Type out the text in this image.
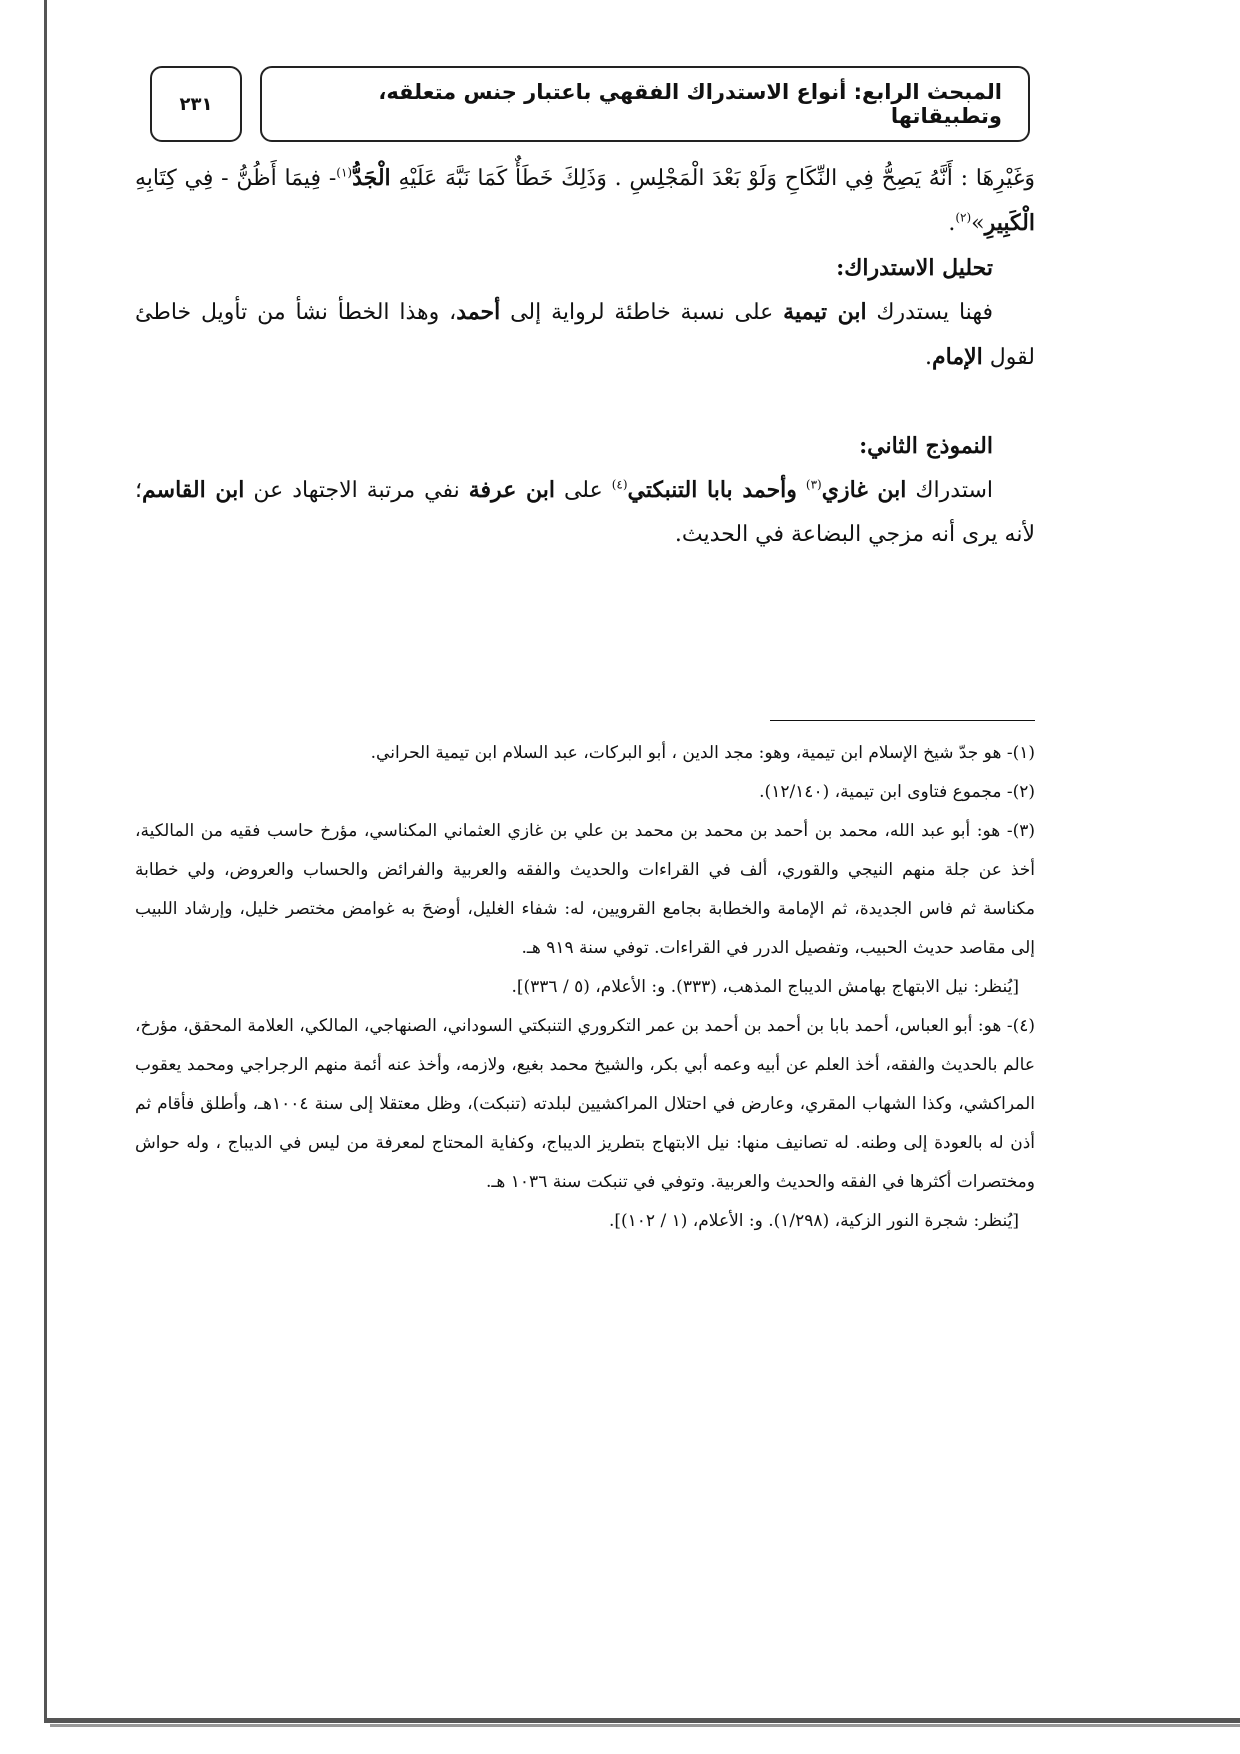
المبحث الرابع: أنواع الاستدراك الفقهي باعتبار جنس متعلقه، وتطبيقاتها
٢٣١

وَغَيْرِهَا : أَنَّهُ يَصِحُّ فِي النِّكَاحِ وَلَوْ بَعْدَ الْمَجْلِسِ . وَذَلِكَ خَطَأٌ كَمَا نَبَّهَ عَلَيْهِ الْجَدُّ$^{(١)}$- فِيمَا أَظُنُّ - فِي كِتَابِهِ الْكَبِيرِ»$^{(٢)}$.

تحليل الاستدراك:

فهنا يستدرك ابن تيمية على نسبة خاطئة لرواية إلى أحمد، وهذا الخطأ نشأ من تأويل خاطئ لقول الإمام.

النموذج الثاني:

استدراك ابن غازي$^{(٣)}$ وأحمد بابا التنبكتي$^{(٤)}$ على ابن عرفة نفي مرتبة الاجتهاد عن ابن القاسم؛ لأنه يرى أنه مزجي البضاعة في الحديث.

(١)- هو جدّ شيخ الإسلام ابن تيمية، وهو: مجد الدين ، أبو البركات، عبد السلام ابن تيمية الحراني.

(٢)- مجموع فتاوى ابن تيمية، (١٢/١٤٠).

(٣)- هو: أبو عبد الله، محمد بن أحمد بن محمد بن محمد بن علي بن غازي العثماني المكناسي، مؤرخ حاسب فقيه من المالكية، أخذ عن جلة منهم النيجي والقوري، ألف في القراءات والحديث والفقه والعربية والفرائض والحساب والعروض، ولي خطابة مكناسة ثم فاس الجديدة، ثم الإمامة والخطابة بجامع القرويين، له: شفاء الغليل، أوضحَ به غوامض مختصر خليل، وإرشاد اللبيب إلى مقاصد حديث الحبيب، وتفصيل الدرر في القراءات. توفي سنة ٩١٩ هـ.

[يُنظر: نيل الابتهاج بهامش الديباج المذهب، (٣٣٣). و: الأعلام، (٥ / ٣٣٦)].

(٤)- هو: أبو العباس، أحمد بابا بن أحمد بن أحمد بن عمر التكروري التنبكتي السوداني، الصنهاجي، المالكي، العلامة المحقق، مؤرخ، عالم بالحديث والفقه، أخذ العلم عن أبيه وعمه أبي بكر، والشيخ محمد بغيع، ولازمه، وأخذ عنه أئمة منهم الرجراجي ومحمد يعقوب المراكشي، وكذا الشهاب المقري، وعارض في احتلال المراكشيين لبلدته (تنبكت)، وظل معتقلا إلى سنة ١٠٠٤هـ، وأطلق فأقام ثم أذن له بالعودة إلى وطنه. له تصانيف منها: نيل الابتهاج بتطريز الديباج، وكفاية المحتاج لمعرفة من ليس في الديباج ، وله حواش ومختصرات أكثرها في الفقه والحديث والعربية. وتوفي في تنبكت سنة ١٠٣٦ هـ.

[يُنظر: شجرة النور الزكية، (١/٢٩٨). و: الأعلام، (١ / ١٠٢)].
